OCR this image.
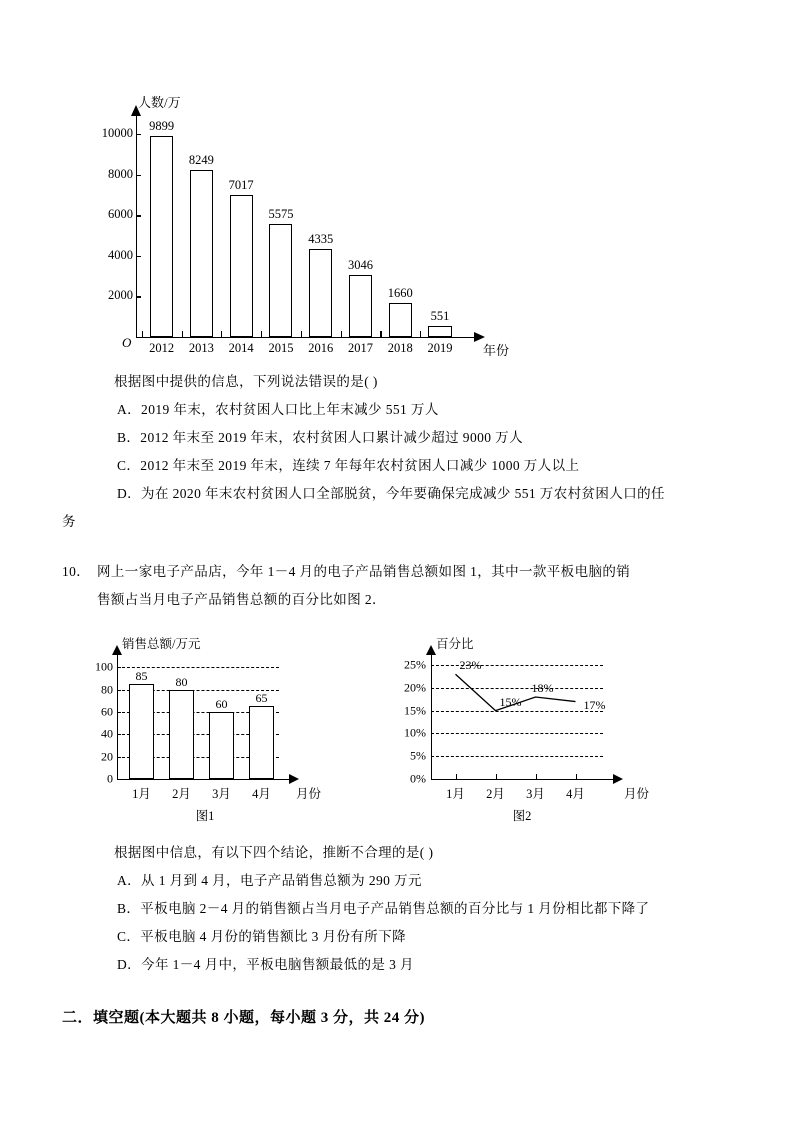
人数/万
O
年份
2000
4000
6000
8000
10000 9899
8249
7017
5575
4335
3046
1660
551
2012 2013 2014 2015 2016 2017 2018 2019
根据图中提供的信息，下列说法错误的是( )
A．2019 年末，农村贫困人口比上年末减少 551 万人
B．2012 年末至 2019 年末，农村贫困人口累计减少超过 9000 万人
C．2012 年末至 2019 年末，连续 7 年每年农村贫困人口减少 1000 万人以上
D．为在 2020 年末农村贫困人口全部脱贫，今年要确保完成减少 551 万农村贫困人口的任
务
10． 网上一家电子产品店，今年 1－4 月的电子产品销售总额如图 1，其中一款平板电脑的销
售额占当月电子产品销售总额的百分比如图 2．
销售总额/万元
0
20
40
60
80
100
85 80
60 65
1月 2月 3月 4月 月份
图1
百分比
0%
5%
10%
15%
20%
25%	23%
15%
18%
17%
1月 2月 3月 4月	月份
图2
根据图中信息，有以下四个结论，推断不合理的是( )
A．从 1 月到 4 月，电子产品销售总额为 290 万元
B．平板电脑 2－4 月的销售额占当月电子产品销售总额的百分比与 1 月份相比都下降了
C．平板电脑 4 月份的销售额比 3 月份有所下降
D．今年 1－4 月中，平板电脑售额最低的是 3 月
二．填空题(本大题共 8 小题，每小题 3 分，共 24 分)
